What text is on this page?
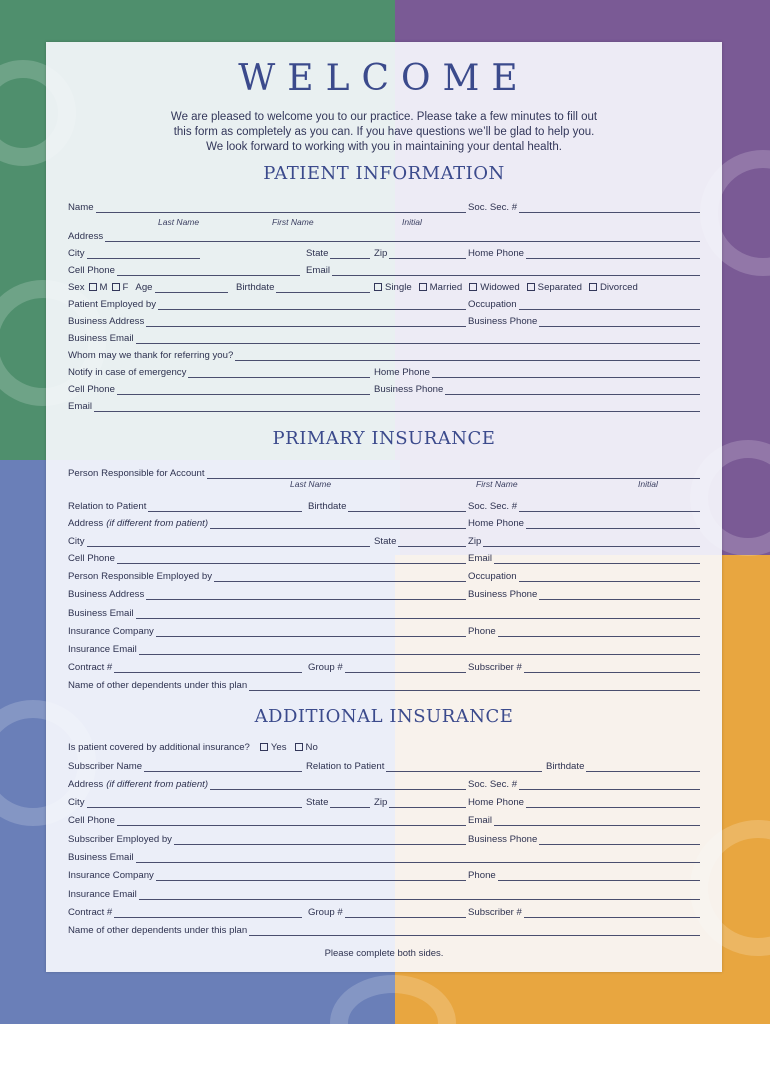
WELCOME
We are pleased to welcome you to our practice. Please take a few minutes to fill out
this form as completely as you can. If you have questions we’ll be glad to help you.
We look forward to working with you in maintaining your dental health.
PATIENT INFORMATION
Name	Soc. Sec. #
Last Name	First Name	Initial
Address
City	State	Zip	Home Phone
Cell Phone	Email
Sex	M	F Age	Birthdate	Single	Married	Widowed	Separated	Divorced
Patient Employed by	Occupation
Business Address	Business Phone
Business Email
Whom may we thank for referring you?
Notify in case of emergency	Home Phone
Cell Phone	Business Phone
Email
PRIMARY INSURANCE
Person Responsible for Account
Last Name	First Name	Initial
Relation to Patient	Birthdate	Soc. Sec. #
Address (if different from patient)	Home Phone
City	State	Zip
Cell Phone	Email
Person Responsible Employed by	Occupation
Business Address	Business Phone
Business Email
Insurance Company	Phone
Insurance Email
Contract #	Group #	Subscriber #
Name of other dependents under this plan
ADDITIONAL INSURANCE
Is patient covered by additional insurance?	Yes	No
Subscriber Name	Relation to Patient	Birthdate
Address (if different from patient)	Soc. Sec. #
City	State	Zip	Home Phone
Cell Phone	Email
Subscriber Employed by	Business Phone
Business Email
Insurance Company	Phone
Insurance Email
Contract #	Group #	Subscriber #
Name of other dependents under this plan
Please complete both sides.
